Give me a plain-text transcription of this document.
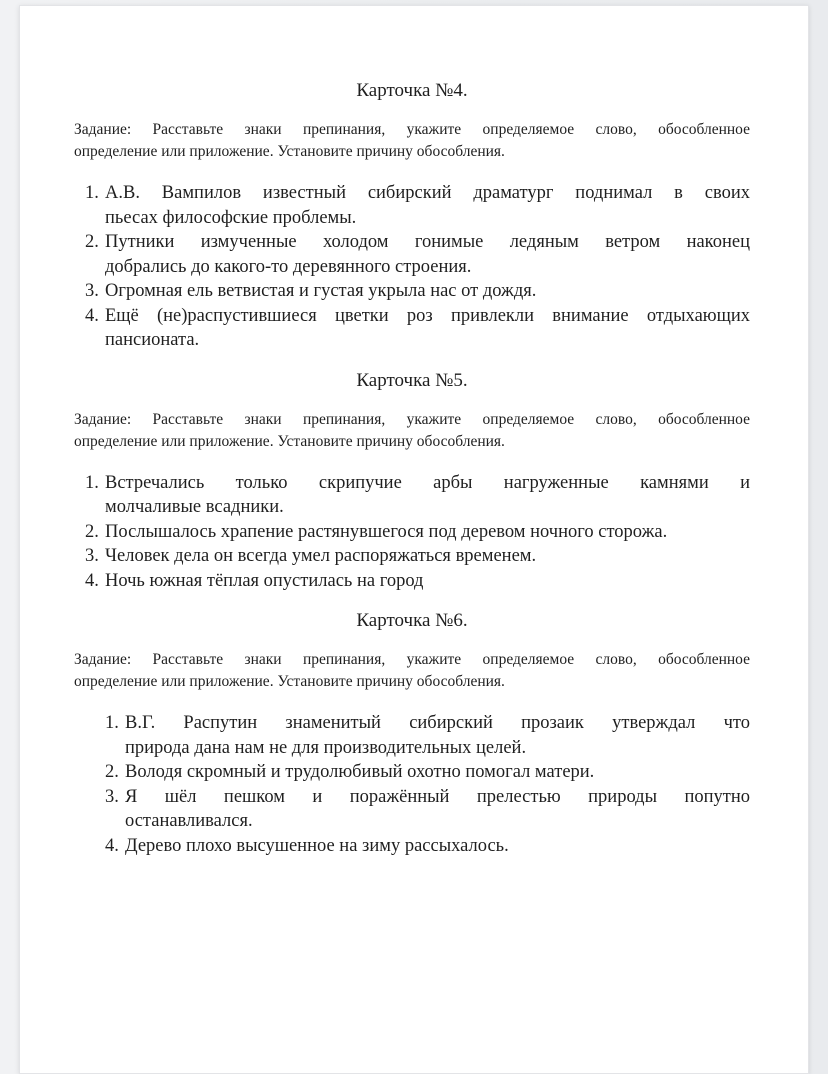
Карточка №4.

Задание: Расставьте знаки препинания, укажите определяемое слово, обособленное
определение или приложение. Установите причину обособления.

1. А.В. Вампилов известный сибирский драматург поднимал в своих
пьесах философские проблемы.
2. Путники измученные холодом гонимые ледяным ветром наконец
добрались до какого-то деревянного строения.
3. Огромная ель ветвистая и густая укрыла нас от дождя.
4. Ещё (не)распустившиеся цветки роз привлекли внимание отдыхающих
пансионата.
Карточка №5.

Задание: Расставьте знаки препинания, укажите определяемое слово, обособленное
определение или приложение. Установите причину обособления.

1. Встречались только скрипучие арбы нагруженные камнями и
молчаливые всадники.
2. Послышалось храпение растянувшегося под деревом ночного сторожа.
3. Человек дела он всегда умел распоряжаться временем.
4. Ночь южная тёплая опустилась на город
Карточка №6.

Задание: Расставьте знаки препинания, укажите определяемое слово, обособленное
определение или приложение. Установите причину обособления.

1. В.Г. Распутин знаменитый сибирский прозаик утверждал что
природа дана нам не для производительных целей.
2. Володя скромный и трудолюбивый охотно помогал матери.
3. Я шёл пешком и поражённый прелестью природы попутно
останавливался.
4. Дерево плохо высушенное на зиму рассыхалось.
